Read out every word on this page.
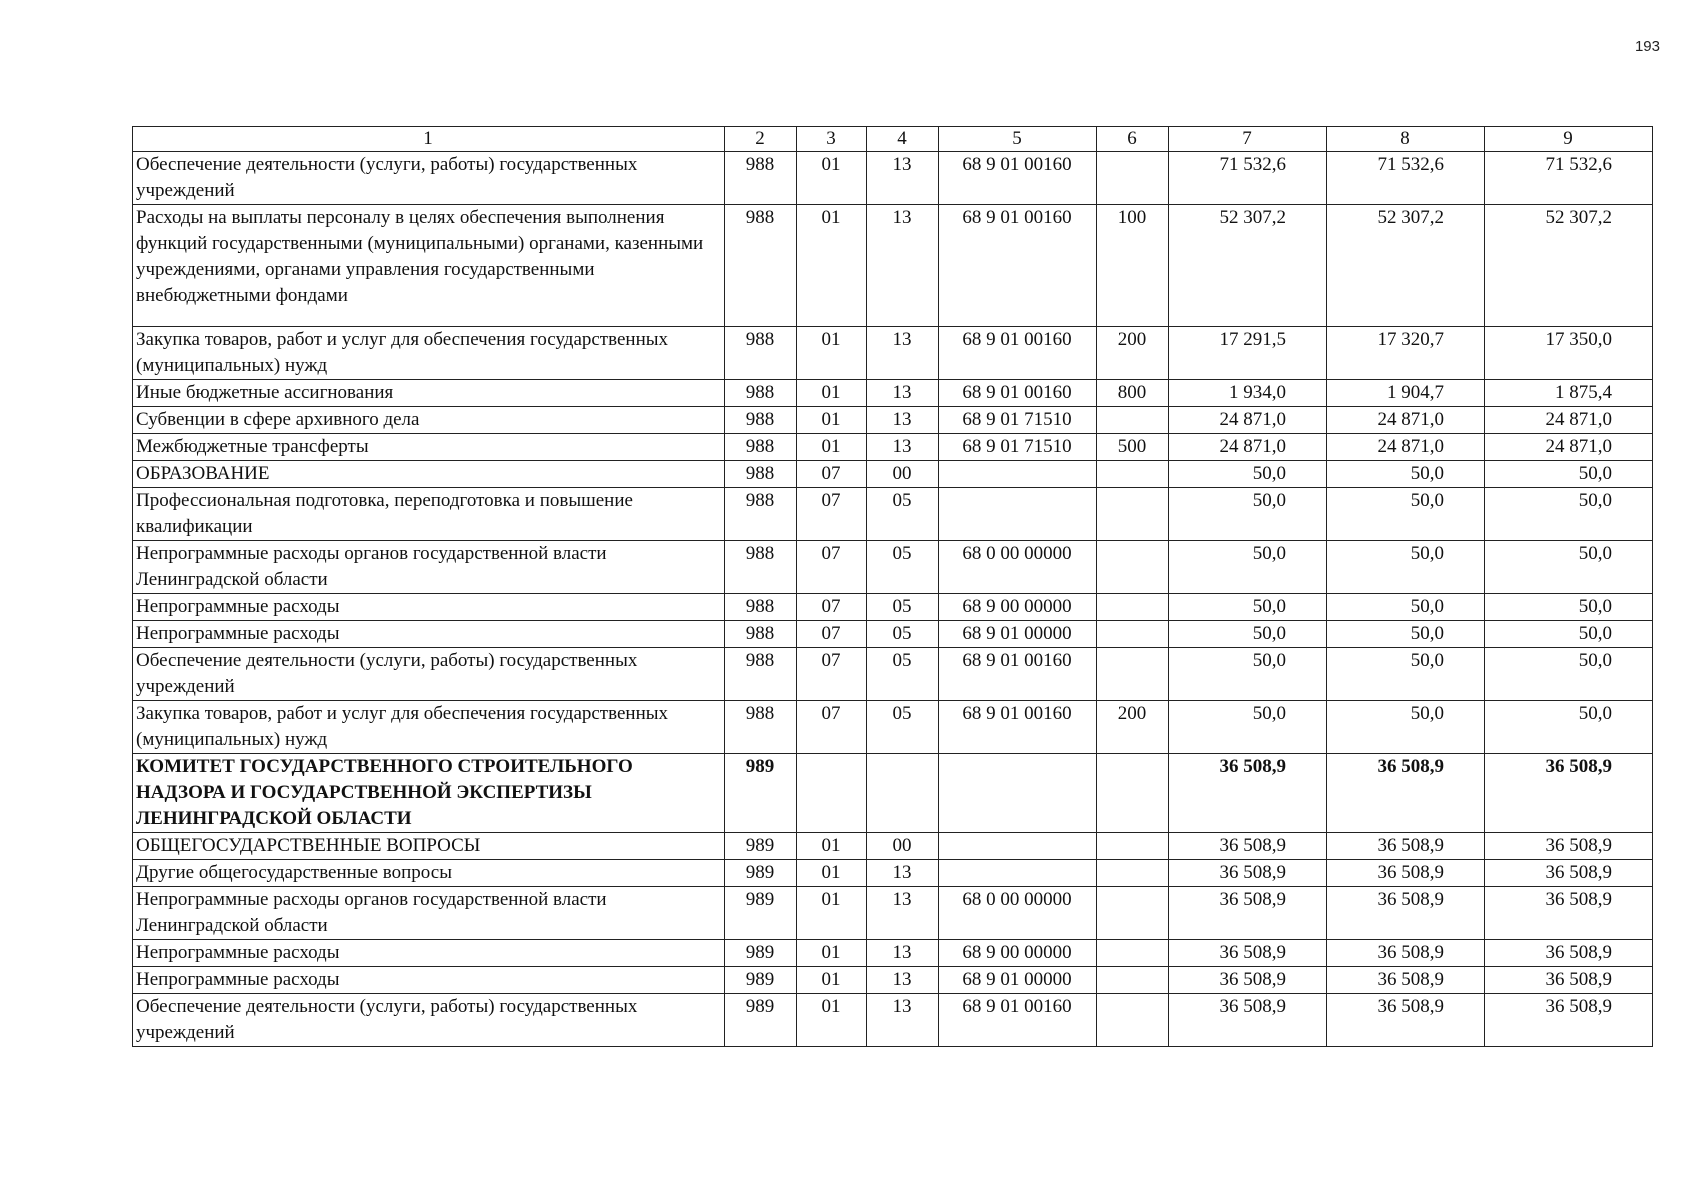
193
1	2	3	4	5	6	7	8	9
Обеспечение деятельности (услуги, работы) государственных учреждений	988	01	13	68 9 01 00160		71 532,6	71 532,6	71 532,6
Расходы на выплаты персоналу в целях обеспечения выполнения функций государственными (муниципальными) органами, казенными учреждениями, органами управления государственными внебюджетными фондами	988	01	13	68 9 01 00160	100	52 307,2	52 307,2	52 307,2
Закупка товаров, работ и услуг для обеспечения государственных (муниципальных) нужд	988	01	13	68 9 01 00160	200	17 291,5	17 320,7	17 350,0
Иные бюджетные ассигнования	988	01	13	68 9 01 00160	800	1 934,0	1 904,7	1 875,4
Субвенции в сфере архивного дела	988	01	13	68 9 01 71510		24 871,0	24 871,0	24 871,0
Межбюджетные трансферты	988	01	13	68 9 01 71510	500	24 871,0	24 871,0	24 871,0
ОБРАЗОВАНИЕ	988	07	00			50,0	50,0	50,0
Профессиональная подготовка, переподготовка и повышение квалификации	988	07	05			50,0	50,0	50,0
Непрограммные расходы органов государственной власти Ленинградской области	988	07	05	68 0 00 00000		50,0	50,0	50,0
Непрограммные расходы	988	07	05	68 9 00 00000		50,0	50,0	50,0
Непрограммные расходы	988	07	05	68 9 01 00000		50,0	50,0	50,0
Обеспечение деятельности (услуги, работы) государственных учреждений	988	07	05	68 9 01 00160		50,0	50,0	50,0
Закупка товаров, работ и услуг для обеспечения государственных (муниципальных) нужд	988	07	05	68 9 01 00160	200	50,0	50,0	50,0
КОМИТЕТ ГОСУДАРСТВЕННОГО СТРОИТЕЛЬНОГО НАДЗОРА И ГОСУДАРСТВЕННОЙ ЭКСПЕРТИЗЫ ЛЕНИНГРАДСКОЙ ОБЛАСТИ	989					36 508,9	36 508,9	36 508,9
ОБЩЕГОСУДАРСТВЕННЫЕ ВОПРОСЫ	989	01	00			36 508,9	36 508,9	36 508,9
Другие общегосударственные вопросы	989	01	13			36 508,9	36 508,9	36 508,9
Непрограммные расходы органов государственной власти Ленинградской области	989	01	13	68 0 00 00000		36 508,9	36 508,9	36 508,9
Непрограммные расходы	989	01	13	68 9 00 00000		36 508,9	36 508,9	36 508,9
Непрограммные расходы	989	01	13	68 9 01 00000		36 508,9	36 508,9	36 508,9
Обеспечение деятельности (услуги, работы) государственных учреждений	989	01	13	68 9 01 00160		36 508,9	36 508,9	36 508,9
